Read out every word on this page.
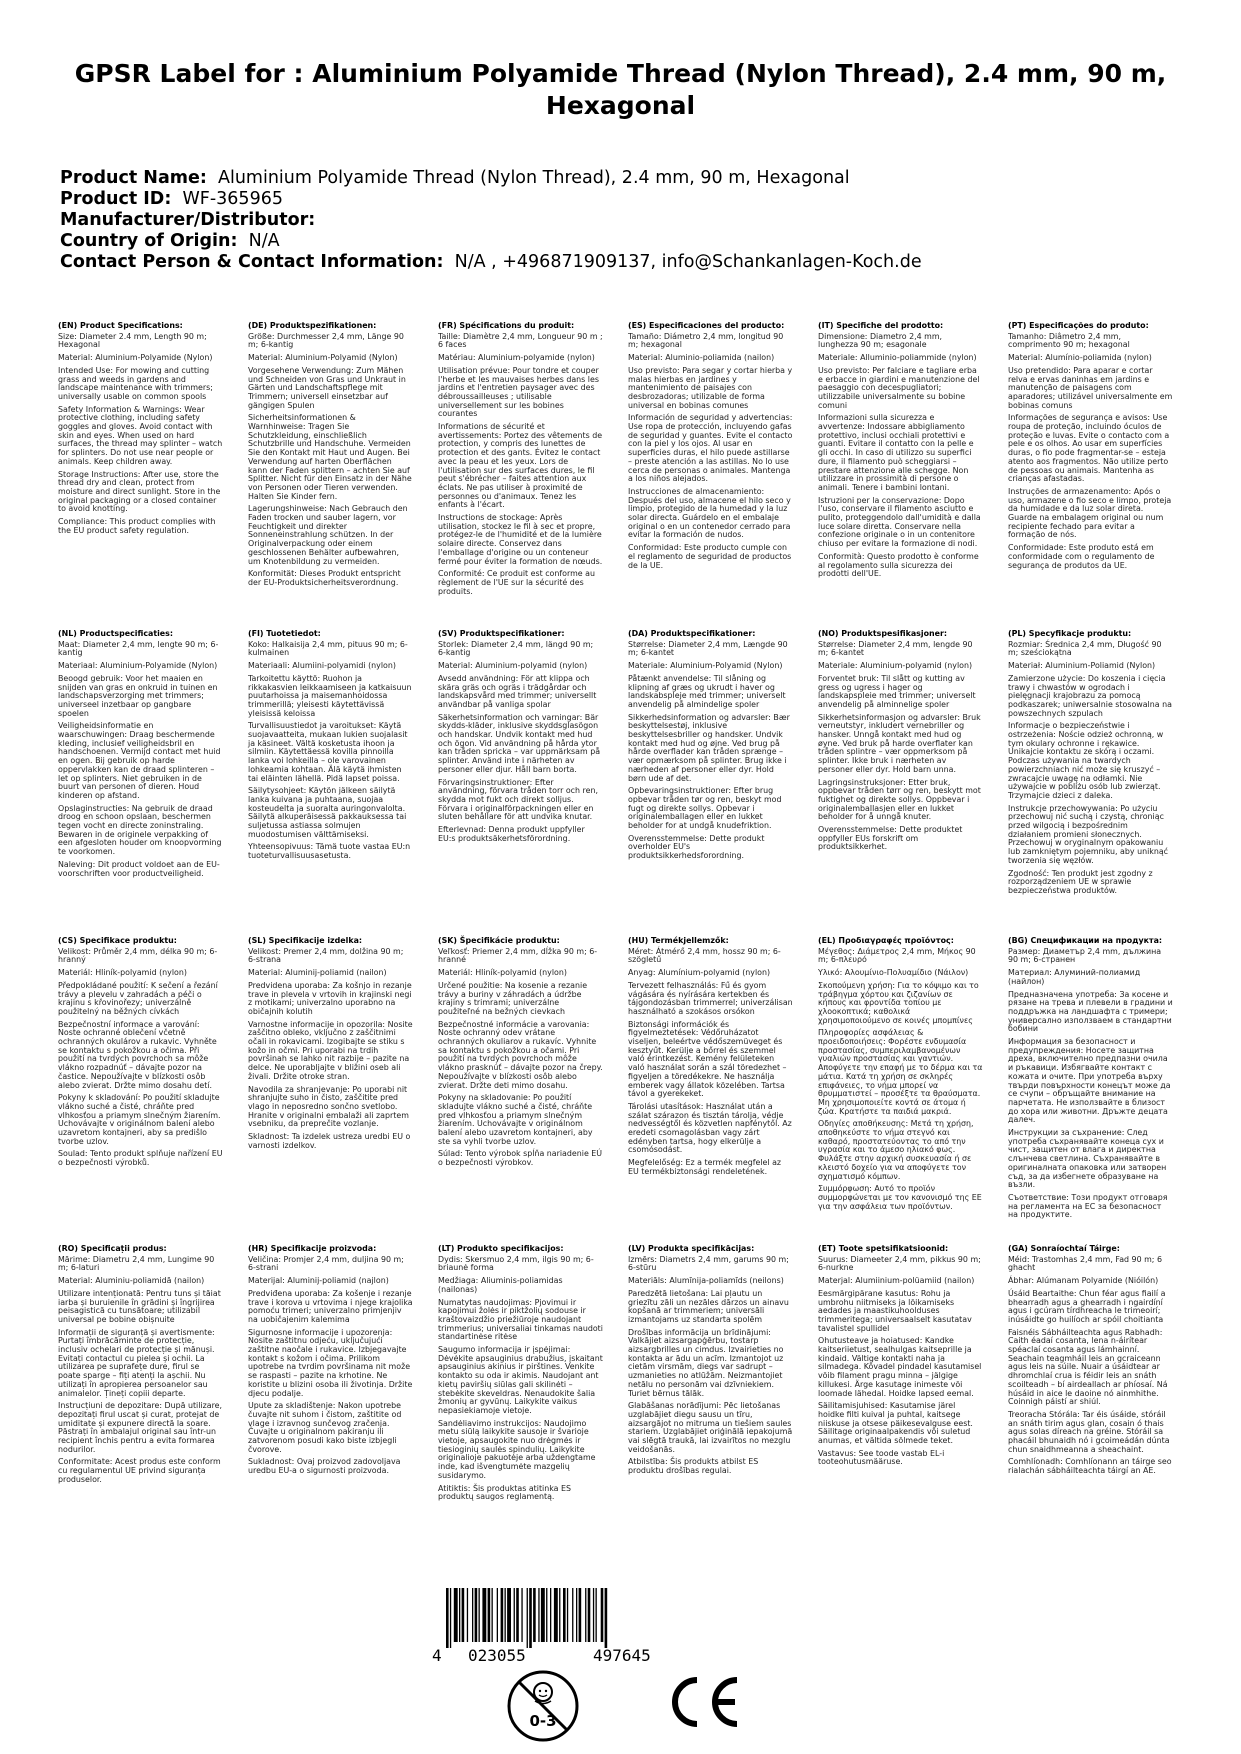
GPSR Label for : Aluminium Polyamide Thread (Nylon Thread), 2.4 mm, 90 m, Hexagonal
Product Name: Aluminium Polyamide Thread (Nylon Thread), 2.4 mm, 90 m, Hexagonal
Product ID: WF-365965
Manufacturer/Distributor:
Country of Origin: N/A
Contact Person & Contact Information: N/A , +496871909137, info@Schankanlagen-Koch.de

(EN) Product Specifications:

Size: Diameter 2.4 mm, Length 90 m; Hexagonal

Material: Aluminium-Polyamide (Nylon)

Intended Use: For mowing and cutting grass and weeds in gardens and landscape maintenance with trimmers; universally usable on common spools

Safety Information & Warnings: Wear protective clothing, including safety goggles and gloves. Avoid contact with skin and eyes. When used on hard surfaces, the thread may splinter – watch for splinters. Do not use near people or animals. Keep children away.

Storage Instructions: After use, store the thread dry and clean, protect from moisture and direct sunlight. Store in the original packaging or a closed container to avoid knotting.

Compliance: This product complies with the EU product safety regulation.

(DE) Produktspezifikationen:

Größe: Durchmesser 2,4 mm, Länge 90 m; 6-kantig

Material: Aluminium-Polyamid (Nylon)

Vorgesehene Verwendung: Zum Mähen und Schneiden von Gras und Unkraut in Gärten und Landschaftspflege mit Trimmern; universell einsetzbar auf gängigen Spulen

Sicherheitsinformationen & Warnhinweise: Tragen Sie Schutzkleidung, einschließlich Schutzbrille und Handschuhe. Vermeiden Sie den Kontakt mit Haut und Augen. Bei Verwendung auf harten Oberflächen kann der Faden splittern – achten Sie auf Splitter. Nicht für den Einsatz in der Nähe von Personen oder Tieren verwenden. Halten Sie Kinder fern.

Lagerungshinweise: Nach Gebrauch den Faden trocken und sauber lagern, vor Feuchtigkeit und direkter Sonneneinstrahlung schützen. In der Originalverpackung oder einem geschlossenen Behälter aufbewahren, um Knotenbildung zu vermeiden.

Konformität: Dieses Produkt entspricht der EU-Produktsicherheitsverordnung.

(FR) Spécifications du produit:

Taille: Diamètre 2,4 mm, Longueur 90 m ; 6 faces

Matériau: Aluminium-polyamide (nylon)

Utilisation prévue: Pour tondre et couper l'herbe et les mauvaises herbes dans les jardins et l'entretien paysager avec des débroussailleuses ; utilisable universellement sur les bobines courantes

Informations de sécurité et avertissements: Portez des vêtements de protection, y compris des lunettes de protection et des gants. Évitez le contact avec la peau et les yeux. Lors de l'utilisation sur des surfaces dures, le fil peut s'ébrécher – faites attention aux éclats. Ne pas utiliser à proximité de personnes ou d'animaux. Tenez les enfants à l'écart.

Instructions de stockage: Après utilisation, stockez le fil à sec et propre, protégez-le de l'humidité et de la lumière solaire directe. Conservez dans l'emballage d'origine ou un conteneur fermé pour éviter la formation de nœuds.

Conformité: Ce produit est conforme au règlement de l'UE sur la sécurité des produits.

(ES) Especificaciones del producto:

Tamaño: Diámetro 2,4 mm, longitud 90 m; hexagonal

Material: Aluminio-poliamida (nailon)

Uso previsto: Para segar y cortar hierba y malas hierbas en jardines y mantenimiento de paisajes con desbrozadoras; utilizable de forma universal en bobinas comunes

Información de seguridad y advertencias: Use ropa de protección, incluyendo gafas de seguridad y guantes. Evite el contacto con la piel y los ojos. Al usar en superficies duras, el hilo puede astillarse – preste atención a las astillas. No lo use cerca de personas o animales. Mantenga a los niños alejados.

Instrucciones de almacenamiento: Después del uso, almacene el hilo seco y limpio, protegido de la humedad y la luz solar directa. Guárdelo en el embalaje original o en un contenedor cerrado para evitar la formación de nudos.

Conformidad: Este producto cumple con el reglamento de seguridad de productos de la UE.

(IT) Specifiche del prodotto:

Dimensione: Diametro 2,4 mm, lunghezza 90 m; esagonale

Materiale: Alluminio-poliammide (nylon)

Uso previsto: Per falciare e tagliare erba e erbacce in giardini e manutenzione del paesaggio con decespugliatori; utilizzabile universalmente su bobine comuni

Informazioni sulla sicurezza e avvertenze: Indossare abbigliamento protettivo, inclusi occhiali protettivi e guanti. Evitare il contatto con la pelle e gli occhi. In caso di utilizzo su superfici dure, il filamento può scheggiarsi – prestare attenzione alle schegge. Non utilizzare in prossimità di persone o animali. Tenere i bambini lontani.

Istruzioni per la conservazione: Dopo l'uso, conservare il filamento asciutto e pulito, proteggendolo dall'umidità e dalla luce solare diretta. Conservare nella confezione originale o in un contenitore chiuso per evitare la formazione di nodi.

Conformità: Questo prodotto è conforme al regolamento sulla sicurezza dei prodotti dell'UE.

(PT) Especificações do produto:

Tamanho: Diâmetro 2,4 mm, comprimento 90 m; hexagonal

Material: Alumínio-poliamida (nylon)

Uso pretendido: Para aparar e cortar relva e ervas daninhas em jardins e manutenção de paisagens com aparadores; utilizável universalmente em bobinas comuns

Informações de segurança e avisos: Use roupa de proteção, incluindo óculos de proteção e luvas. Evite o contacto com a pele e os olhos. Ao usar em superfícies duras, o fio pode fragmentar-se – esteja atento aos fragmentos. Não utilize perto de pessoas ou animais. Mantenha as crianças afastadas.

Instruções de armazenamento: Após o uso, armazene o fio seco e limpo, proteja da humidade e da luz solar direta. Guarde na embalagem original ou num recipiente fechado para evitar a formação de nós.

Conformidade: Este produto está em conformidade com o regulamento de segurança de produtos da UE.

(NL) Productspecificaties:

Maat: Diameter 2,4 mm, lengte 90 m; 6-kantig

Materiaal: Aluminium-Polyamide (Nylon)

Beoogd gebruik: Voor het maaien en snijden van gras en onkruid in tuinen en landschapsverzorging met trimmers; universeel inzetbaar op gangbare spoelen

Veiligheidsinformatie en waarschuwingen: Draag beschermende kleding, inclusief veiligheidsbril en handschoenen. Vermijd contact met huid en ogen. Bij gebruik op harde oppervlakken kan de draad splinteren – let op splinters. Niet gebruiken in de buurt van personen of dieren. Houd kinderen op afstand.

Opslaginstructies: Na gebruik de draad droog en schoon opslaan, beschermen tegen vocht en directe zoninstraling. Bewaren in de originele verpakking of een afgesloten houder om knoopvorming te voorkomen.

Naleving: Dit product voldoet aan de EU-voorschriften voor productveiligheid.

(FI) Tuotetiedot:

Koko: Halkaisija 2,4 mm, pituus 90 m; 6-kulmainen

Materiaali: Alumiini-polyamidi (nylon)

Tarkoitettu käyttö: Ruohon ja rikkakasvien leikkaamiseen ja katkaisuun puutarhoissa ja maisemanhoidossa trimmerillä; yleisesti käytettävissä yleisissä keloissa

Turvallisuustiedot ja varoitukset: Käytä suojavaatteita, mukaan lukien suojalasit ja käsineet. Vältä kosketusta ihoon ja silmiin. Käytettäessä kovilla pinnoilla lanka voi lohkeilla – ole varovainen lohkeamia kohtaan. Älä käytä ihmisten tai eläinten lähellä. Pidä lapset poissa.

Säilytysohjeet: Käytön jälkeen säilytä lanka kuivana ja puhtaana, suojaa kosteudelta ja suoralta auringonvalolta. Säilytä alkuperäisessä pakkauksessa tai suljetussa astiassa solmujen muodostumisen välttämiseksi.

Yhteensopivuus: Tämä tuote vastaa EU:n tuoteturvallisuusasetusta.

(SV) Produktspecifikationer:

Storlek: Diameter 2,4 mm, längd 90 m; 6-kantig

Material: Aluminium-polyamid (nylon)

Avsedd användning: För att klippa och skära gräs och ogräs i trädgårdar och landskapsvård med trimmer; universellt användbar på vanliga spolar

Säkerhetsinformation och varningar: Bär skydds-kläder, inklusive skyddsglasögon och handskar. Undvik kontakt med hud och ögon. Vid användning på hårda ytor kan tråden spricka – var uppmärksam på splinter. Använd inte i närheten av personer eller djur. Håll barn borta.

Förvaringsinstruktioner: Efter användning, förvara tråden torr och ren, skydda mot fukt och direkt solljus. Förvara i originalförpackningen eller en sluten behållare för att undvika knutar.

Efterlevnad: Denna produkt uppfyller EU:s produktsäkerhetsförordning.

(DA) Produktspecifikationer:

Størrelse: Diameter 2,4 mm, Længde 90 m; 6-kantet

Materiale: Aluminium-Polyamid (Nylon)

Påtænkt anvendelse: Til slåning og klipning af græs og ukrudt i haver og landskabspleje med trimmer; universelt anvendelig på almindelige spoler

Sikkerhedsinformation og advarsler: Bær beskyttelsestøj, inklusive beskyttelsesbriller og handsker. Undvik kontakt med hud og øjne. Ved brug på hårde overflader kan tråden sprænge – vær opmærksom på splinter. Brug ikke i nærheden af personer eller dyr. Hold børn ude af det.

Opbevaringsinstruktioner: Efter brug opbevar tråden tør og ren, beskyt mod fugt og direkte sollys. Opbevar i originalemballagen eller en lukket beholder for at undgå knudefriktion.

Overensstemmelse: Dette produkt overholder EU's produktsikkerhedsforordning.

(NO) Produktspesifikasjoner:

Størrelse: Diameter 2,4 mm, lengde 90 m; 6-kantet

Materiale: Aluminium-polyamid (nylon)

Forventet bruk: Til slått og kutting av gress og ugress i hager og landskapspleie med trimmer; universelt anvendelig på alminnelige spoler

Sikkerhetsinformasjon og advarsler: Bruk verneutstyr, inkludert vernebriller og hansker. Unngå kontakt med hud og øyne. Ved bruk på harde overflater kan tråden splintre – vær oppmerksom på splinter. Ikke bruk i nærheten av personer eller dyr. Hold barn unna.

Lagringsinstruksjoner: Etter bruk, oppbevar tråden tørr og ren, beskytt mot fuktighet og direkte sollys. Oppbevar i originalemballasjen eller en lukket beholder for å unngå knuter.

Overensstemmelse: Dette produktet oppfyller EUs forskrift om produktsikkerhet.

(PL) Specyfikacje produktu:

Rozmiar: Średnica 2,4 mm, Długość 90 m; sześciokątna

Materiał: Aluminium-Poliamid (Nylon)

Zamierzone użycie: Do koszenia i cięcia trawy i chwastów w ogrodach i pielęgnacji krajobrazu za pomocą podkaszarek; uniwersalnie stosowalna na powszechnych szpulach

Informacje o bezpieczeństwie i ostrzeżenia: Noście odzież ochronną, w tym okulary ochronne i rękawice. Unikajcie kontaktu ze skórą i oczami. Podczas używania na twardych powierzchniach nić może się kruszyć – zwracajcie uwagę na odłamki. Nie używajcie w pobliżu osób lub zwierząt. Trzymajcie dzieci z daleka.

Instrukcje przechowywania: Po użyciu przechowuj nić suchą i czystą, chroniąc przed wilgocią i bezpośrednim działaniem promieni słonecznych. Przechowuj w oryginalnym opakowaniu lub zamkniętym pojemniku, aby uniknąć tworzenia się węzłów.

Zgodność: Ten produkt jest zgodny z rozporządzeniem UE w sprawie bezpieczeństwa produktów.

(CS) Specifikace produktu:

Velikost: Průměr 2,4 mm, délka 90 m; 6-hranný

Materiál: Hliník-polyamid (nylon)

Předpokládané použití: K sečení a řezání trávy a plevelu v zahradách a péči o krajinu s křovinořezy; univerzálně použitelný na běžných cívkách

Bezpečnostní informace a varování: Noste ochranné oblečení včetně ochranných okulárov a rukavic. Vyhněte se kontaktu s pokožkou a očima. Při použití na tvrdých povrchoch sa môže vlákno rozpadnúť – dávajte pozor na častice. Nepoužívajte v blízkosti osôb alebo zvierat. Držte mimo dosahu detí.

Pokyny k skladování: Po použití skladujte vlákno suché a čisté, chráňte pred vlhkosťou a priamym slnečným žiarením. Uchovávajte v originálnom balení alebo uzavretom kontajneri, aby sa predišlo tvorbe uzlov.

Soulad: Tento produkt splňuje nařízení EU o bezpečnosti výrobků.

(SL) Specifikacije izdelka:

Velikost: Premer 2,4 mm, dolžina 90 m; 6-strana

Material: Aluminij-poliamid (nailon)

Predvidena uporaba: Za košnjo in rezanje trave in plevela v vrtovih in krajinski negi z motikami; univerzalno uporabno na običajnih kolutih

Varnostne informacije in opozorila: Nosite zaščitno obleko, vključno z zaščitnimi očali in rokavicami. Izogibajte se stiku s kožo in očmi. Pri uporabi na trdih površinah se lahko nit razbije – pazite na delce. Ne uporabljajte v bližini oseb ali živali. Držite otroke stran.

Navodila za shranjevanje: Po uporabi nit shranjujte suho in čisto, zaščitite pred vlago in neposredno sončno svetlobo. Hranite v originalni embalaži ali zaprtem vsebniku, da preprečite vozlanje.

Skladnost: Ta izdelek ustreza uredbi EU o varnosti izdelkov.

(SK) Špecifikácie produktu:

Veľkosť: Priemer 2,4 mm, dĺžka 90 m; 6-hranné

Materiál: Hliník-polyamid (nylon)

Určené použitie: Na kosenie a rezanie trávy a buriny v záhradách a údržbe krajiny s trimrami; univerzálne použiteľné na bežných cievkach

Bezpečnostné informácie a varovania: Noste ochranný odev vrátane ochranných okuliarov a rukavíc. Vyhnite sa kontaktu s pokožkou a očami. Pri použití na tvrdých povrchoch môže vlákno prasknúť – dávajte pozor na črepy. Nepoužívajte v blízkosti osôb alebo zvierat. Držte deti mimo dosahu.

Pokyny na skladovanie: Po použití skladujte vlákno suché a čisté, chráňte pred vlhkosťou a priamym slnečným žiarením. Uchovávajte v originálnom balení alebo uzavretom kontajneri, aby ste sa vyhli tvorbe uzlov.

Súlad: Tento výrobok spĺňa nariadenie EÚ o bezpečnosti výrobkov.

(HU) Termékjellemzők:

Méret: Átmérő 2,4 mm, hossz 90 m; 6-szögletű

Anyag: Alumínium-polyamid (nylon)

Tervezett felhasználás: Fű és gyom vágására és nyírására kertekben és tájgondozásban trimmerrel; univerzálisan használható a szokásos orsókon

Biztonsági információk és figyelmeztetések: Védőruházatot viseljen, beleértve védőszemüveget és kesztyűt. Kerülje a bőrrel és szemmel való érintkezést. Kemény felületeken való használat során a szál töredezhet – figyeljen a töredékekre. Ne használja emberek vagy állatok közelében. Tartsa távol a gyerekeket.

Tárolási utasítások: Használat után a szálat szárazon és tisztán tárolja, védje nedvességtől és közvetlen napfénytől. Az eredeti csomagolásban vagy zárt edényben tartsa, hogy elkerülje a csomósodást.

Megfelelőség: Ez a termék megfelel az EU termékbiztonsági rendeletének.

(EL) Προδιαγραφές προϊόντος:

Μέγεθος: Διάμετρος 2,4 mm, Μήκος 90 m; 6-πλευρό

Υλικό: Αλουμίνιο-Πολυαμίδιο (Νάιλον)

Σκοπούμενη χρήση: Για το κόψιμο και το τράβηγμα χόρτου και ζιζανίων σε κήπους και φροντίδα τοπίου με χλοοκοπτικά; καθολικά χρησιμοποιούμενο σε κοινές μπομπίνες

Πληροφορίες ασφάλειας & προειδοποιήσεις: Φορέστε ενδυμασία προστασίας, συμπεριλαμβανομένων γυαλιών προστασίας και γαντιών. Αποφύγετε την επαφή με το δέρμα και τα μάτια. Κατά τη χρήση σε σκληρές επιφάνειες, το νήμα μπορεί να θρυμματιστεί – προσέξτε τα θραύσματα. Μη χρησιμοποιείτε κοντά σε άτομα ή ζώα. Κρατήστε τα παιδιά μακριά.

Οδηγίες αποθήκευσης: Μετά τη χρήση, αποθηκεύστε το νήμα στεγνό και καθαρό, προστατεύοντας το από την υγρασία και το άμεσο ηλιακό φως. Φυλάξτε στην αρχική συσκευασία ή σε κλειστό δοχείο για να αποφύγετε τον σχηματισμό κόμπων.

Συμμόρφωση: Αυτό το προϊόν συμμορφώνεται με τον κανονισμό της ΕΕ για την ασφάλεια των προϊόντων.

(BG) Спецификации на продукта:

Размер: Диаметър 2,4 mm, дължина 90 m; 6-странен

Материал: Алуминий-полиамид (найлон)

Предназначена употреба: За косене и рязане на трева и плевели в градини и поддръжка на ландшафта с тримери; универсално използваем в стандартни бобини

Информация за безопасност и предупреждения: Носете защитна дреха, включително предпазни очила и ръкавици. Избягвайте контакт с кожата и очите. При употреба върху твърди повърхности конецът може да се счупи – обръщайте внимание на парчетата. Не използвайте в близост до хора или животни. Дръжте децата далеч.

Инструкции за съхранение: След употреба съхранявайте конеца сух и чист, защитен от влага и директна слънчева светлина. Съхранявайте в оригиналната опаковка или затворен съд, за да избегнете образуване на възли.

Съответствие: Този продукт отговаря на регламента на ЕС за безопасност на продуктите.

(RO) Specificații produs:

Mărime: Diametru 2,4 mm, Lungime 90 m; 6-laturi

Material: Aluminiu-poliamidă (nailon)

Utilizare intenționată: Pentru tuns și tăiat iarba și buruienile în grădini și îngrijirea peisagistică cu tunsătoare; utilizabil universal pe bobine obișnuite

Informații de siguranță și avertismente: Purtați îmbrăcăminte de protecție, inclusiv ochelari de protecție și mănuși. Evitați contactul cu pielea și ochii. La utilizarea pe suprafețe dure, firul se poate sparge – fiți atenți la așchii. Nu utilizați în apropierea persoanelor sau animalelor. Țineți copiii departe.

Instrucțiuni de depozitare: După utilizare, depozitați firul uscat și curat, protejat de umiditate și expunere directă la soare. Păstrați în ambalajul original sau într-un recipient închis pentru a evita formarea nodurilor.

Conformitate: Acest produs este conform cu regulamentul UE privind siguranța produselor.

(HR) Specifikacije proizvoda:

Veličina: Promjer 2,4 mm, duljina 90 m; 6-strani

Materijal: Aluminij-poliamid (najlon)

Predviđena uporaba: Za košenje i rezanje trave i korova u vrtovima i njege krajolika pomoću trimeri; univerzalno primjenjiv na uobičajenim kalemima

Sigurnosne informacije i upozorenja: Nosite zaštitnu odjeću, uključujući zaštitne naočale i rukavice. Izbjegavajte kontakt s kožom i očima. Prilikom upotrebe na tvrdim površinama nit može se raspasti – pazite na krhotine. Ne koristite u blizini osoba ili životinja. Držite djecu podalje.

Upute za skladištenje: Nakon upotrebe čuvajte nit suhom i čistom, zaštitite od vlage i izravnog sunčevog zračenja. Čuvajte u originalnom pakiranju ili zatvorenom posudi kako biste izbjegli čvorove.

Sukladnost: Ovaj proizvod zadovoljava uredbu EU-a o sigurnosti proizvoda.

(LT) Produkto specifikacijos:

Dydis: Skersmuo 2,4 mm, ilgis 90 m; 6-briaunė forma

Medžiaga: Aliuminis-poliamidas (nailonas)

Numatytas naudojimas: Pjovimui ir kapojimui žolės ir piktžolių sodouse ir kraštovaizdžio priežiūroje naudojant trimmerius; universaliai tinkamas naudoti standartinėse ritėse

Saugumo informacija ir įspėjimai: Dėvėkite apsauginius drabužius, įskaitant apsauginius akinius ir pirštines. Venkite kontakto su oda ir akimis. Naudojant ant kietų paviršių siūlas gali skilinėti – stebėkite skeveldras. Nenaudokite šalia žmonių ar gyvūnų. Laikykite vaikus nepasiekiamoje vietoje.

Sandėliavimo instrukcijos: Naudojimo metu siūlą laikykite sausoje ir švarioje vietoje, apsaugokite nuo drėgmės ir tiesioginių saulės spindulių. Laikykite originalioje pakuotėje arba uždengtame inde, kad išvengtumėte mazgelių susidarymo.

Atitiktis: Šis produktas atitinka ES produktų saugos reglamentą.

(LV) Produkta specifikācijas:

Izmērs: Diametrs 2,4 mm, garums 90 m; 6-stūru

Materiāls: Alumīnija-poliamīds (neilons)

Paredzētā lietošana: Lai pļautu un griezītu zāli un nezāles dārzos un ainavu kopšanā ar trimmeriem; universāli izmantojams uz standarta spolēm

Drošības informācija un brīdinājumi: Valkājiet aizsargapģērbu, tostarp aizsargbrilles un cimdus. Izvairieties no kontakta ar ādu un acīm. Izmantojot uz cietām virsmām, diegs var sadrupt – uzmanieties no atlūžām. Neizmantojiet netālu no personām vai dzīvniekiem. Turiet bērnus tālāk.

Glabāšanas norādījumi: Pēc lietošanas uzglabājiet diegu sausu un tīru, aizsargājot no mitruma un tiešiem saules stariem. Uzglabājiet oriģinālā iepakojumā vai slēgtā traukā, lai izvairītos no mezglu veidošanās.

Atbilstība: Šis produkts atbilst ES produktu drošības regulai.

(ET) Toote spetsifikatsioonid:

Suurus: Diameeter 2,4 mm, pikkus 90 m; 6-nurkne

Materjal: Alumiinium-polüamiid (nailon)

Eesmärgipärane kasutus: Rohu ja umbrohu niitmiseks ja lõikamiseks aedades ja maastikuhoolduses trimmeritega; universaalselt kasutatav tavalistel spullidel

Ohutusteave ja hoiatused: Kandke kaitseriietust, sealhulgas kaitseprille ja kindaid. Vältige kontakti naha ja silmadega. Kõvadel pindadel kasutamisel võib filament pragu minna – jälgige killukesi. Ärge kasutage inimeste või loomade lähedal. Hoidke lapsed eemal.

Säilitamisjuhised: Kasutamise järel hoidke filti kuival ja puhtal, kaitsege niiskuse ja otsese päikesevalguse eest. Säilitage originaalpakendis või suletud anumas, et vältida sõlmede teket.

Vastavus: See toode vastab EL-i tooteohutusmääruse.

(GA) Sonraíochtaí Táirge:

Méid: Trastomhas 2,4 mm, Fad 90 m; 6 ghacht

Ábhar: Alúmanam Polyamide (Nióilón)

Úsáid Beartaithe: Chun féar agus fiailí a bhearradh agus a ghearradh i ngairdíní agus i gcúram tírdhreacha le trimeoirí; inúsáidte go huilíoch ar spóil choitianta

Faisnéis Sábháilteachta agus Rabhadh: Caith éadaí cosanta, lena n-áirítear spéaclaí cosanta agus lámhainní. Seachain teagmháil leis an gcraiceann agus leis na súile. Nuair a úsáidtear ar dhromchlaí crua is féidir leis an snáth scoilteadh – bí airdeallach ar phíosaí. Ná húsáid in aice le daoine nó ainmhithe. Coinnigh páistí ar shiúl.

Treoracha Stórála: Tar éis úsáide, stóráil an snáth tirim agus glan, cosain ó thais agus solas díreach na gréine. Stóráil sa phacáil bhunaidh nó i gcoimeádán dúnta chun snaidhmeanna a sheachaint.

Comhlíonadh: Comhlíonann an táirge seo rialachán sábháilteachta táirgí an AE.

4 023055	497645
0-3
